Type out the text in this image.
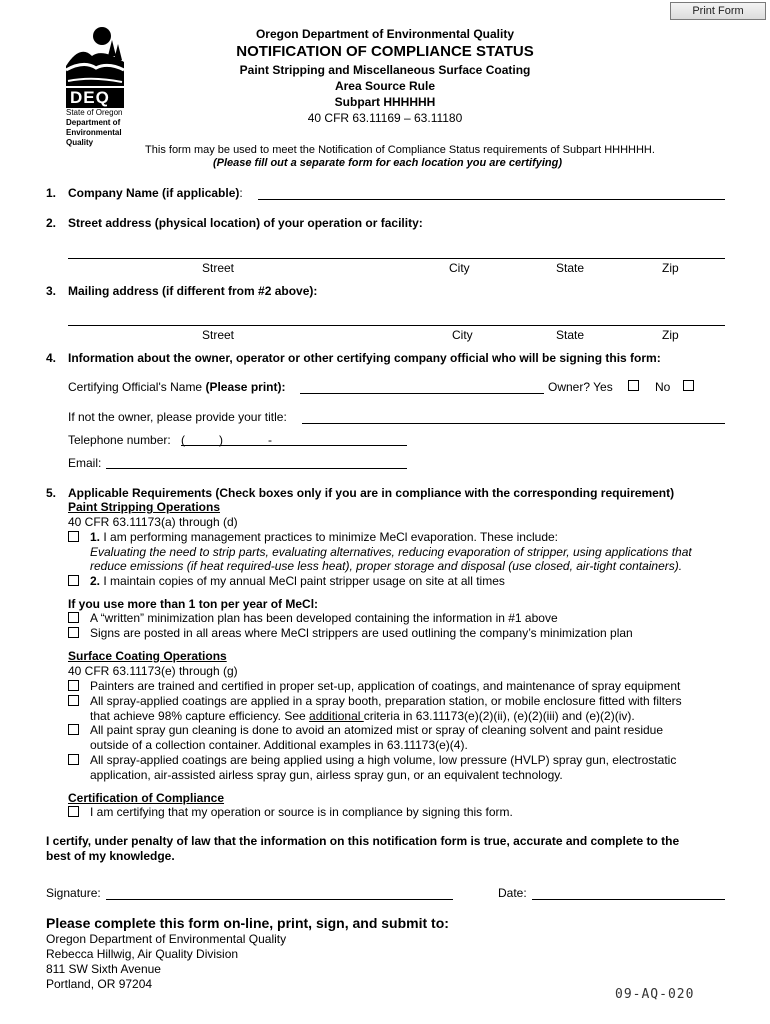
Print Form
DEQ
State of Oregon
Department of
Environmental
Quality
Oregon Department of Environmental Quality
NOTIFICATION OF COMPLIANCE STATUS
Paint Stripping and Miscellaneous Surface Coating
Area Source Rule
Subpart HHHHHH
40 CFR 63.11169 – 63.11180
This form may be used to meet the Notification of Compliance Status requirements of Subpart HHHHHH.
(Please fill out a separate form for each location you are certifying)
1. Company Name (if applicable):
2. Street address (physical location) of your operation or facility:
Street	City	State	Zip
3. Mailing address (if different from #2 above):
Street	City	State	Zip
4. Information about the owner, operator or other certifying company official who will be signing this form:
Certifying Official's Name (Please print):	Owner? Yes	No
If not the owner, please provide your title:
Telephone number: (	)	-
Email:
5. Applicable Requirements (Check boxes only if you are in compliance with the corresponding requirement)
Paint Stripping Operations
40 CFR 63.11173(a) through (d)
1. I am performing management practices to minimize MeCl evaporation. These include:
Evaluating the need to strip parts, evaluating alternatives, reducing evaporation of stripper, using applications that
reduce emissions (if heat required-use less heat), proper storage and disposal (use closed, air-tight containers).
2. I maintain copies of my annual MeCl paint stripper usage on site at all times
If you use more than 1 ton per year of MeCl:
A “written” minimization plan has been developed containing the information in #1 above
Signs are posted in all areas where MeCl strippers are used outlining the company’s minimization plan
Surface Coating Operations
40 CFR 63.11173(e) through (g)
Painters are trained and certified in proper set-up, application of coatings, and maintenance of spray equipment
All spray-applied coatings are applied in a spray booth, preparation station, or mobile enclosure fitted with filters
that achieve 98% capture efficiency. See additional criteria in 63.11173(e)(2)(ii), (e)(2)(iii) and (e)(2)(iv).
All paint spray gun cleaning is done to avoid an atomized mist or spray of cleaning solvent and paint residue
outside of a collection container. Additional examples in 63.11173(e)(4).
All spray-applied coatings are being applied using a high volume, low pressure (HVLP) spray gun, electrostatic
application, air-assisted airless spray gun, airless spray gun, or an equivalent technology.
Certification of Compliance
I am certifying that my operation or source is in compliance by signing this form.
I certify, under penalty of law that the information on this notification form is true, accurate and complete to the
best of my knowledge.
Signature:	Date:
Please complete this form on-line, print, sign, and submit to:
Oregon Department of Environmental Quality
Rebecca Hillwig, Air Quality Division
811 SW Sixth Avenue
Portland, OR 97204
09-AQ-020
